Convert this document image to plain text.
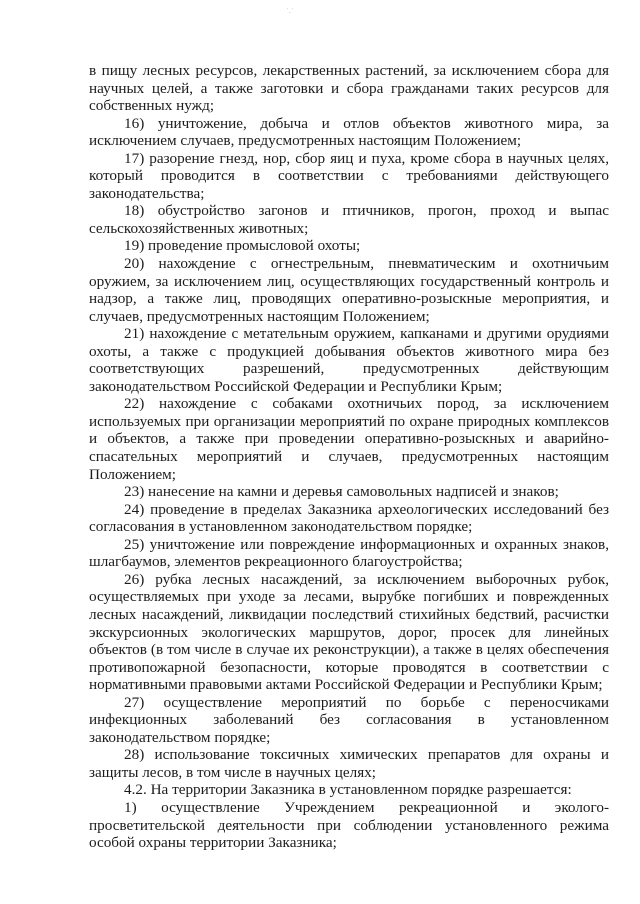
˙.˙

в пищу лесных ресурсов, лекарственных растений, за исключением сбора для научных целей, а также заготовки и сбора гражданами таких ресурсов для собственных нужд;

16) уничтожение, добыча и отлов объектов животного мира, за исключением случаев, предусмотренных настоящим Положением;

17) разорение гнезд, нор, сбор яиц и пуха, кроме сбора в научных целях, который проводится в соответствии с требованиями действующего законодательства;

18) обустройство загонов и птичников, прогон, проход и выпас сельскохозяйственных животных;

19) проведение промысловой охоты;

20) нахождение с огнестрельным, пневматическим и охотничьим оружием, за исключением лиц, осуществляющих государственный контроль и надзор, а также лиц, проводящих оперативно-розыскные мероприятия, и случаев, предусмотренных настоящим Положением;

21) нахождение с метательным оружием, капканами и другими орудиями охоты, а также с продукцией добывания объектов животного мира без соответствующих разрешений, предусмотренных действующим законодательством Российской Федерации и Республики Крым;

22) нахождение с собаками охотничьих пород, за исключением используемых при организации мероприятий по охране природных комплексов и объектов, а также при проведении оперативно-розыскных и аварийно-спасательных мероприятий и случаев, предусмотренных настоящим Положением;

23) нанесение на камни и деревья самовольных надписей и знаков;

24) проведение в пределах Заказника археологических исследований без согласования в установленном законодательством порядке;

25) уничтожение или повреждение информационных и охранных знаков, шлагбаумов, элементов рекреационного благоустройства;

26) рубка лесных насаждений, за исключением выборочных рубок, осуществляемых при уходе за лесами, вырубке погибших и поврежденных лесных насаждений, ликвидации последствий стихийных бедствий, расчистки экскурсионных экологических маршрутов, дорог, просек для линейных объектов (в том числе в случае их реконструкции), а также в целях обеспечения противопожарной безопасности, которые проводятся в соответствии с нормативными правовыми актами Российской Федерации и Республики Крым;

27) осуществление мероприятий по борьбе с переносчиками инфекционных заболеваний без согласования в установленном законодательством порядке;

28) использование токсичных химических препаратов для охраны и защиты лесов, в том числе в научных целях;

4.2. На территории Заказника в установленном порядке разрешается:

1) осуществление Учреждением рекреационной и эколого-просветительской деятельности при соблюдении установленного режима особой охраны территории Заказника;
